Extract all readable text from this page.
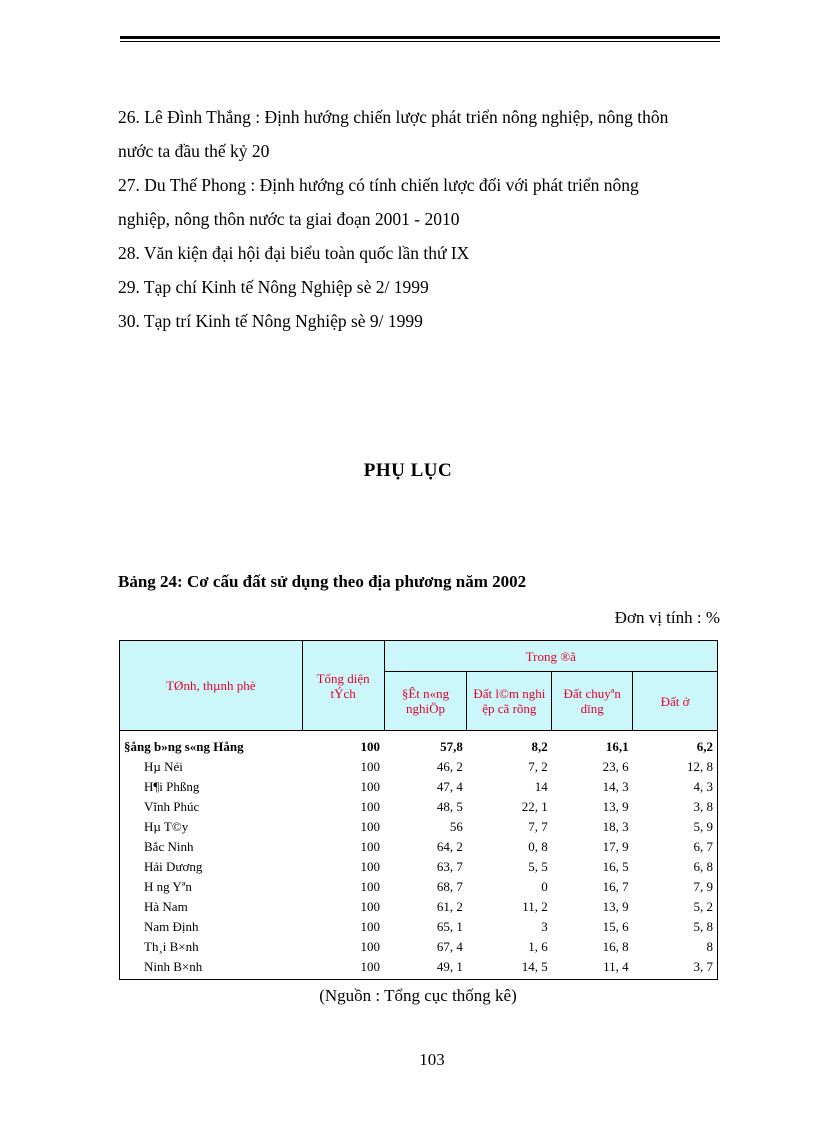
26. Lê Đình Thắng : Định hướng chiến lược phát triển nông nghiệp, nông thôn

nước ta đầu thế kỷ 20

27. Du Thế Phong : Định hướng có tính chiến lược đối với phát triển nông

nghiệp, nông thôn nước ta giai đoạn 2001 - 2010

28. Văn kiện đại hội đại biểu toàn quốc lần thứ IX

29. Tạp chí Kinh tế Nông Nghiệp sè 2/ 1999

30. Tạp trí Kinh tế Nông Nghiệp sè 9/ 1999

PHỤ LỤC
Bảng 24: Cơ cấu đất sử dụng theo địa phương năm 2002
Đơn vị tính : %
TØnh, thµnh phè	Tổng diện tÝch	Trong ®ã			
		§Êt n«ng nghiÖp	Đất l©m nghi ệp cã rõng	Đất chuyªn dïng	Đất ở
§ång b»ng s«ng Hång	100	57,8	8,2	16,1	6,2
Hµ Néi	100	46, 2	7, 2	23, 6	12, 8
H¶i Phßng	100	47, 4	14	14, 3	4, 3
Vĩnh Phúc	100	48, 5	22, 1	13, 9	3, 8
Hµ T©y	100	56	7, 7	18, 3	5, 9
Bắc Ninh	100	64, 2	0, 8	17, 9	6, 7
Hải Dương	100	63, 7	5, 5	16, 5	6, 8
H ng Yªn	100	68, 7	0	16, 7	7, 9
Hà Nam	100	61, 2	11, 2	13, 9	5, 2
Nam Định	100	65, 1	3	15, 6	5, 8
Th¸i B×nh	100	67, 4	1, 6	16, 8	8
Ninh B×nh	100	49, 1	14, 5	11, 4	3, 7
(Nguồn : Tổng cục thống kê)
103
